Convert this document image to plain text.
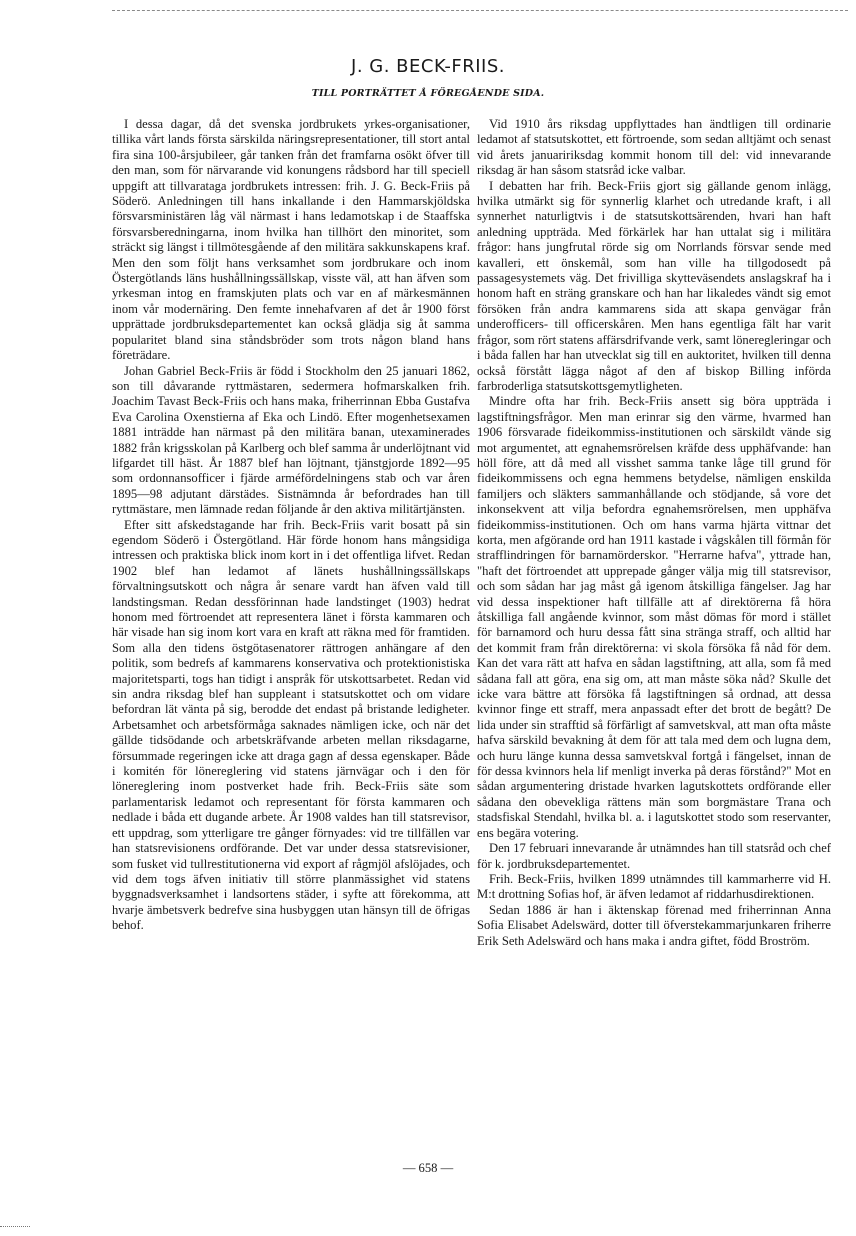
J. G. BECK-FRIIS.
TILL PORTRÄTTET Å FÖREGÅENDE SIDA.

I dessa dagar, då det svenska jordbrukets yrkes-organisationer, tillika vårt lands första särskilda näringsrepresentationer, till stort antal fira sina 100-årsjubileer, går tanken från det framfarna osökt öfver till den man, som för närvarande vid konungens rådsbord har till speciell uppgift att tillvarataga jordbrukets intressen: frih. J. G. Beck-Friis på Söderö. Anledningen till hans inkallande i den Hammarskjöldska försvarsministären låg väl närmast i hans ledamotskap i de Staaffska försvarsberedningarna, inom hvilka han tillhört den minoritet, som sträckt sig längst i tillmötesgående af den militära sakkunskapens kraf. Men den som följt hans verksamhet som jordbrukare och inom Östergötlands läns hushållningssällskap, visste väl, att han äfven som yrkesman intog en framskjuten plats och var en af märkesmännen inom vår modernäring. Den femte innehafvaren af det år 1900 först upprättade jordbruksdepartementet kan också glädja sig åt samma popularitet bland sina ståndsbröder som trots någon bland hans företrädare.

Johan Gabriel Beck-Friis är född i Stockholm den 25 januari 1862, son till dåvarande ryttmästaren, sedermera hofmarskalken frih. Joachim Tavast Beck-Friis och hans maka, friherrinnan Ebba Gustafva Eva Carolina Oxenstierna af Eka och Lindö. Efter mogenhetsexamen 1881 inträdde han närmast på den militära banan, utexaminerades 1882 från krigsskolan på Karlberg och blef samma år underlöjtnant vid lifgardet till häst. År 1887 blef han löjtnant, tjänstgjorde 1892—95 som ordonnansofficer i fjärde arméfördelningens stab och var åren 1895—98 adjutant därstädes. Sistnämnda år befordrades han till ryttmästare, men lämnade redan följande år den aktiva militärtjänsten.

Efter sitt afskedstagande har frih. Beck-Friis varit bosatt på sin egendom Söderö i Östergötland. Här förde honom hans mångsidiga intressen och praktiska blick inom kort in i det offentliga lifvet. Redan 1902 blef han ledamot af länets hushållningssällskaps förvaltningsutskott och några år senare vardt han äfven vald till landstingsman. Redan dessförinnan hade landstinget (1903) hedrat honom med förtroendet att representera länet i första kammaren och här visade han sig inom kort vara en kraft att räkna med för framtiden. Som alla den tidens östgötasenatorer rättrogen anhängare af den politik, som bedrefs af kammarens konservativa och protektionistiska majoritetsparti, togs han tidigt i anspråk för utskottsarbetet. Redan vid sin andra riksdag blef han suppleant i statsutskottet och om vidare befordran lät vänta på sig, berodde det endast på bristande ledigheter. Arbetsamhet och arbetsförmåga saknades nämligen icke, och när det gällde tidsödande och arbetskräfvande arbeten mellan riksdagarne, försummade regeringen icke att draga gagn af dessa egenskaper. Både i komitén för lönereglering vid statens järnvägar och i den för lönereglering inom postverket hade frih. Beck-Friis säte som parlamentarisk ledamot och representant för första kammaren och nedlade i båda ett dugande arbete. År 1908 valdes han till statsrevisor, ett uppdrag, som ytterligare tre gånger förnyades: vid tre tillfällen var han statsrevisionens ordförande. Det var under dessa statsrevisioner, som fusket vid tullrestitutionerna vid export af rågmjöl afslöjades, och vid dem togs äfven initiativ till större planmässighet vid statens byggnadsverksamhet i landsortens städer, i syfte att förekomma, att hvarje ämbetsverk bedrefve sina husbyggen utan hänsyn till de öfrigas behof.

Vid 1910 års riksdag uppflyttades han ändtligen till ordinarie ledamot af statsutskottet, ett förtroende, som sedan alltjämt och senast vid årets januaririksdag kommit honom till del: vid innevarande riksdag är han såsom statsråd icke valbar.

I debatten har frih. Beck-Friis gjort sig gällande genom inlägg, hvilka utmärkt sig för synnerlig klarhet och utredande kraft, i all synnerhet naturligtvis i de statsutskottsärenden, hvari han haft anledning uppträda. Med förkärlek har han uttalat sig i militära frågor: hans jungfrutal rörde sig om Norrlands försvar sende med kavalleri, ett önskemål, som han ville ha tillgodosedt på passagesystemets väg. Det frivilliga skytteväsendets anslagskraf ha i honom haft en sträng granskare och han har likaledes vändt sig emot försöken från andra kammarens sida att skapa genvägar från underofficers- till officerskåren. Men hans egentliga fält har varit frågor, som rört statens affärsdrifvande verk, samt löneregleringar och i båda fallen har han utvecklat sig till en auktoritet, hvilken till denna också förstått lägga något af den af biskop Billing införda farbroderliga statsutskottsgemytligheten.

Mindre ofta har frih. Beck-Friis ansett sig böra uppträda i lagstiftningsfrågor. Men man erinrar sig den värme, hvarmed han 1906 försvarade fideikommiss-institutionen och särskildt vände sig mot argumentet, att egnahemsrörelsen kräfde dess upphäfvande: han höll före, att då med all visshet samma tanke låge till grund för fideikommissens och egna hemmens betydelse, nämligen enskilda familjers och släkters sammanhållande och stödjande, så vore det inkonsekvent att vilja befordra egnahemsrörelsen, men upphäfva fideikommiss-institutionen. Och om hans varma hjärta vittnar det korta, men afgörande ord han 1911 kastade i vågskålen till förmån för strafflindringen för barnamörderskor. "Herrarne hafva", yttrade han, "haft det förtroendet att upprepade gånger välja mig till statsrevisor, och som sådan har jag måst gå igenom åtskilliga fängelser. Jag har vid dessa inspektioner haft tillfälle att af direktörerna få höra åtskilliga fall angående kvinnor, som måst dömas för mord i stället för barnamord och huru dessa fått sina stränga straff, och alltid har det kommit fram från direktörerna: vi skola försöka få nåd för dem. Kan det vara rätt att hafva en sådan lagstiftning, att alla, som få med sådana fall att göra, ena sig om, att man måste söka nåd? Skulle det icke vara bättre att försöka få lagstiftningen så ordnad, att dessa kvinnor finge ett straff, mera anpassadt efter det brott de begått? De lida under sin strafftid så förfärligt af samvetskval, att man ofta måste hafva särskild bevakning åt dem för att tala med dem och lugna dem, och huru länge kunna dessa samvetskval fortgå i fängelset, innan de för dessa kvinnors hela lif menligt inverka på deras förstånd?" Mot en sådan argumentering dristade hvarken lagutskottets ordförande eller sådana den obevekliga rättens män som borgmästare Trana och stadsfiskal Stendahl, hvilka bl. a. i lagutskottet stodo som reservanter, ens begära votering.

Den 17 februari innevarande år utnämndes han till statsråd och chef för k. jordbruksdepartementet.

Frih. Beck-Friis, hvilken 1899 utnämndes till kammarherre vid H. M:t drottning Sofias hof, är äfven ledamot af riddarhusdirektionen.

Sedan 1886 är han i äktenskap förenad med friherrinnan Anna Sofia Elisabet Adelswärd, dotter till öfverstekammarjunkaren friherre Erik Seth Adelswärd och hans maka i andra giftet, född Broström.

— 658 —
